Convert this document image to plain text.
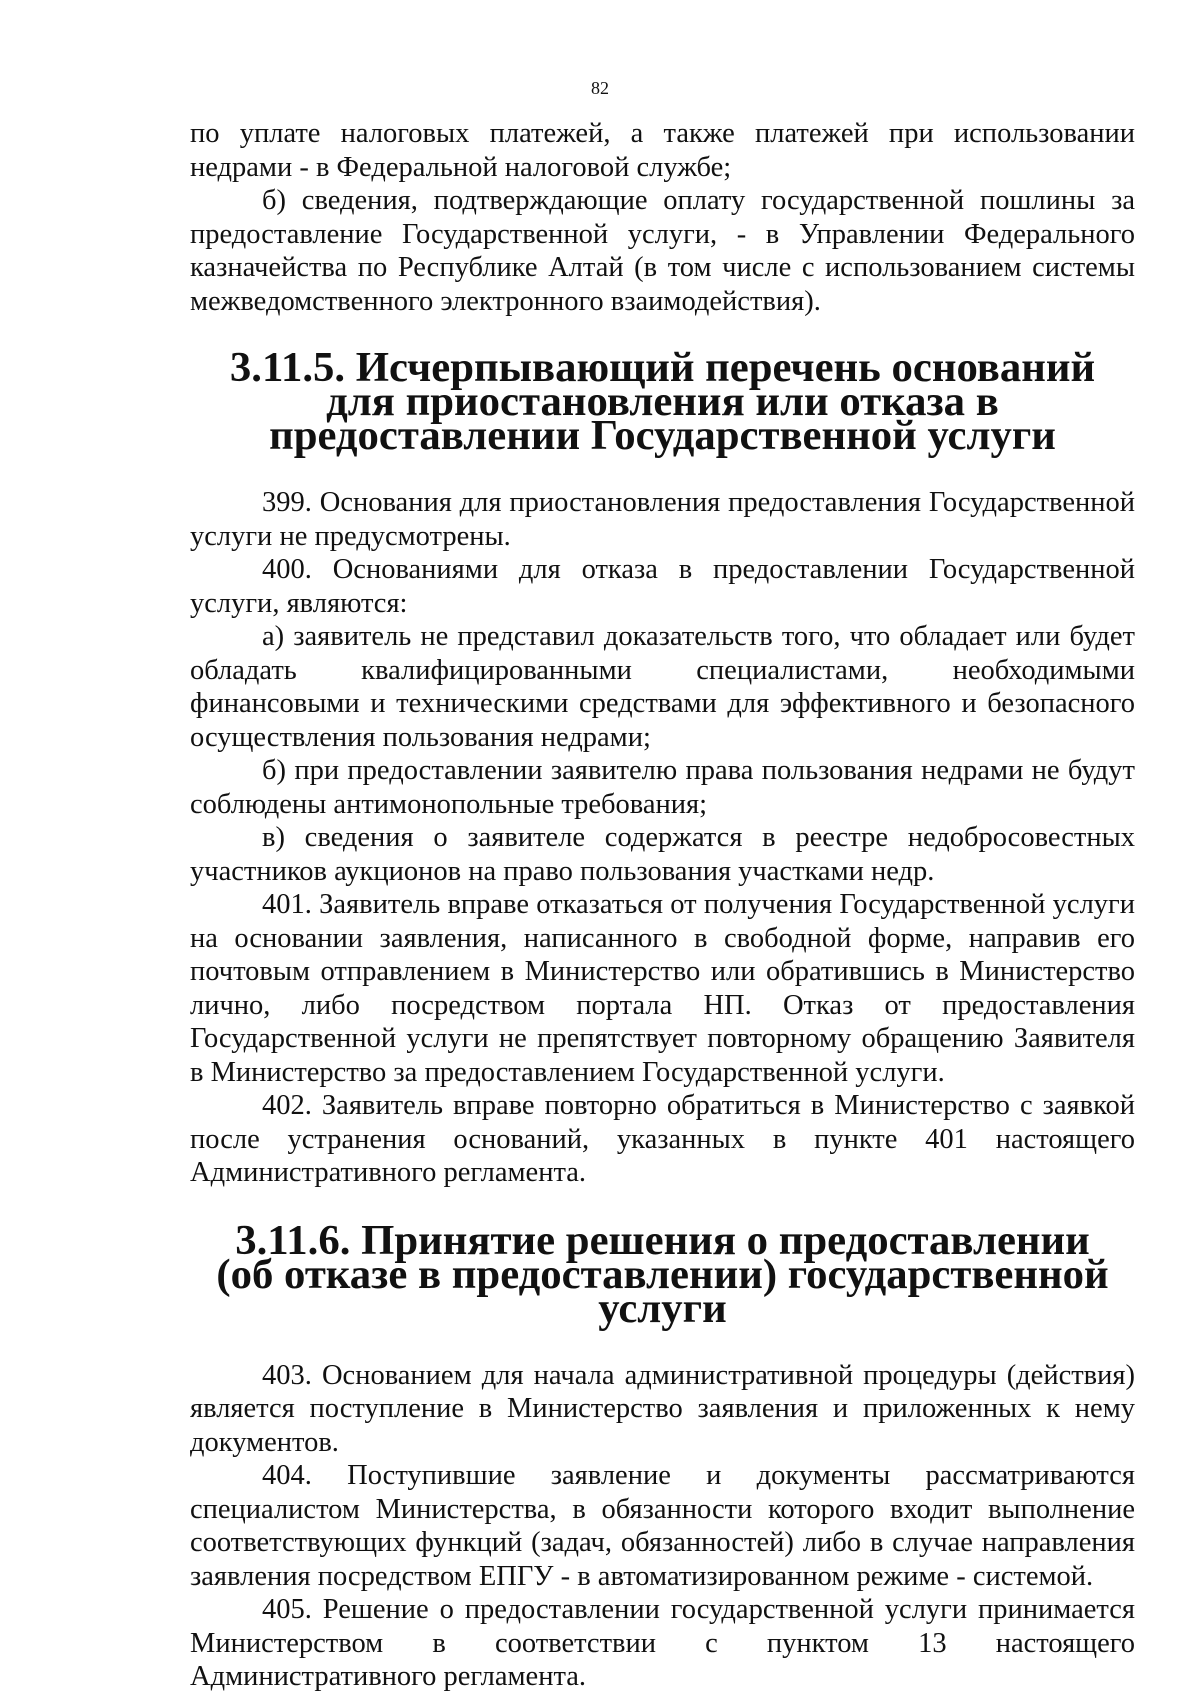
82

по уплате налоговых платежей, а также платежей при использовании недрами - в Федеральной налоговой службе;

б) сведения, подтверждающие оплату государственной пошлины за предоставление Государственной услуги, - в Управлении Федерального казначейства по Республике Алтай (в том числе с использованием системы межведомственного электронного взаимодействия).

3.11.5. Исчерпывающий перечень оснований для приостановления или отказа в предоставлении Государственной услуги

399. Основания для приостановления предоставления Государственной услуги не предусмотрены.

400. Основаниями для отказа в предоставлении Государственной услуги, являются:

а) заявитель не представил доказательств того, что обладает или будет обладать квалифицированными специалистами, необходимыми финансовыми и техническими средствами для эффективного и безопасного осуществления пользования недрами;

б) при предоставлении заявителю права пользования недрами не будут соблюдены антимонопольные требования;

в) сведения о заявителе содержатся в реестре недобросовестных участников аукционов на право пользования участками недр.

401. Заявитель вправе отказаться от получения Государственной услуги на основании заявления, написанного в свободной форме, направив его почтовым отправлением в Министерство или обратившись в Министерство лично, либо посредством портала НП. Отказ от предоставления Государственной услуги не препятствует повторному обращению Заявителя в Министерство за предоставлением Государственной услуги.

402. Заявитель вправе повторно обратиться в Министерство с заявкой после устранения оснований, указанных в пункте 401 настоящего Административного регламента.

3.11.6. Принятие решения о предоставлении (об отказе в предоставлении) государственной услуги

403. Основанием для начала административной процедуры (действия) является поступление в Министерство заявления и приложенных к нему документов.

404. Поступившие заявление и документы рассматриваются специалистом Министерства, в обязанности которого входит выполнение соответствующих функций (задач, обязанностей) либо в случае направления заявления посредством ЕПГУ - в автоматизированном режиме - системой.

405. Решение о предоставлении государственной услуги принимается Министерством в соответствии с пунктом 13 настоящего Административного регламента.
